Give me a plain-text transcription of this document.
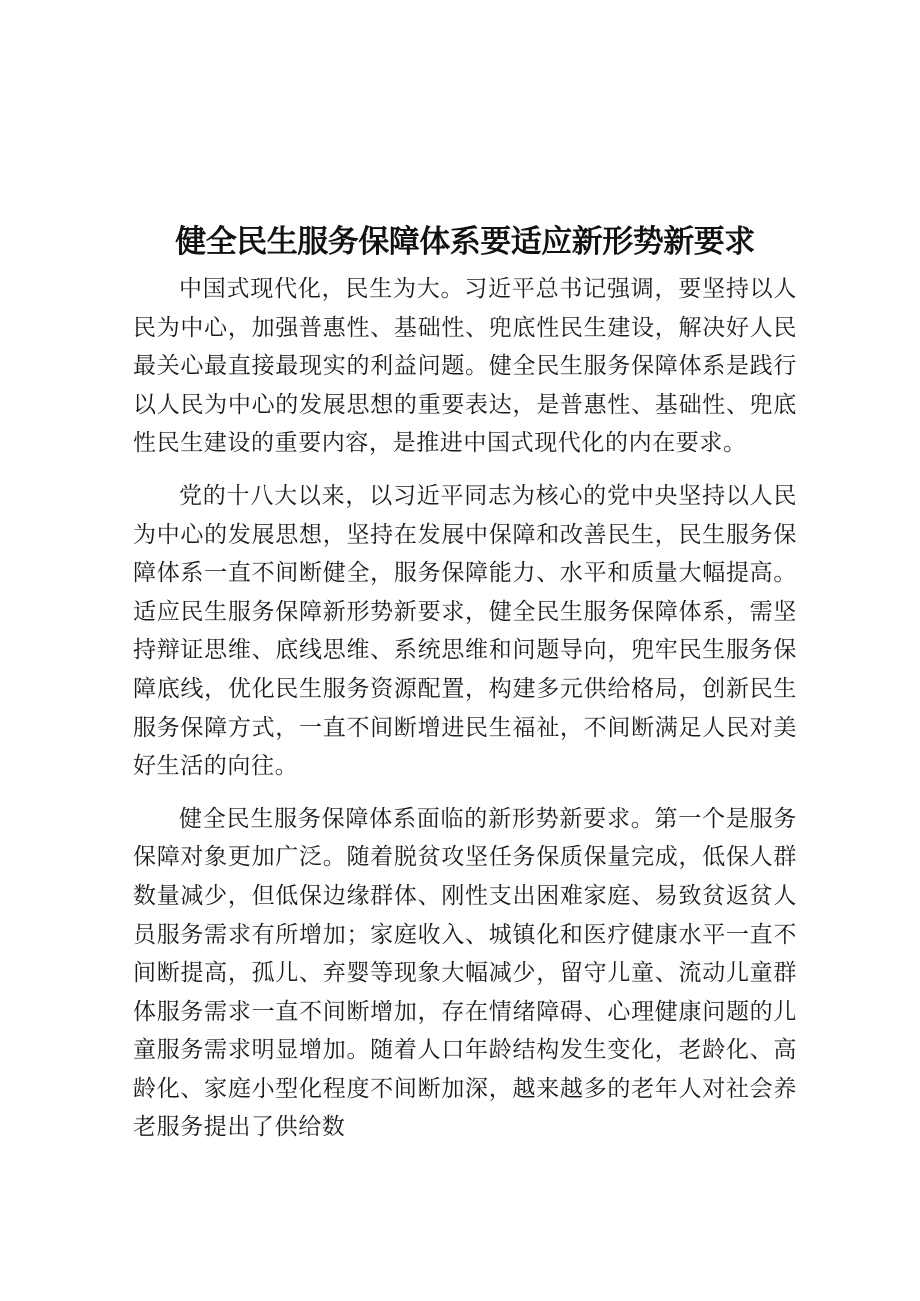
健全民生服务保障体系要适应新形势新要求

中国式现代化，民生为大。习近平总书记强调，要坚持以人民为中心，加强普惠性、基础性、兜底性民生建设，解决好人民最关心最直接最现实的利益问题。健全民生服务保障体系是践行以人民为中心的发展思想的重要表达，是普惠性、基础性、兜底性民生建设的重要内容，是推进中国式现代化的内在要求。

党的十八大以来，以习近平同志为核心的党中央坚持以人民为中心的发展思想，坚持在发展中保障和改善民生，民生服务保障体系一直不间断健全，服务保障能力、水平和质量大幅提高。适应民生服务保障新形势新要求，健全民生服务保障体系，需坚持辩证思维、底线思维、系统思维和问题导向，兜牢民生服务保障底线，优化民生服务资源配置，构建多元供给格局，创新民生服务保障方式，一直不间断增进民生福祉，不间断满足人民对美好生活的向往。

健全民生服务保障体系面临的新形势新要求。第一个是服务保障对象更加广泛。随着脱贫攻坚任务保质保量完成，低保人群数量减少，但低保边缘群体、刚性支出困难家庭、易致贫返贫人员服务需求有所增加；家庭收入、城镇化和医疗健康水平一直不间断提高，孤儿、弃婴等现象大幅减少，留守儿童、流动儿童群体服务需求一直不间断增加，存在情绪障碍、心理健康问题的儿童服务需求明显增加。随着人口年龄结构发生变化，老龄化、高龄化、家庭小型化程度不间断加深，越来越多的老年人对社会养老服务提出了供给数
